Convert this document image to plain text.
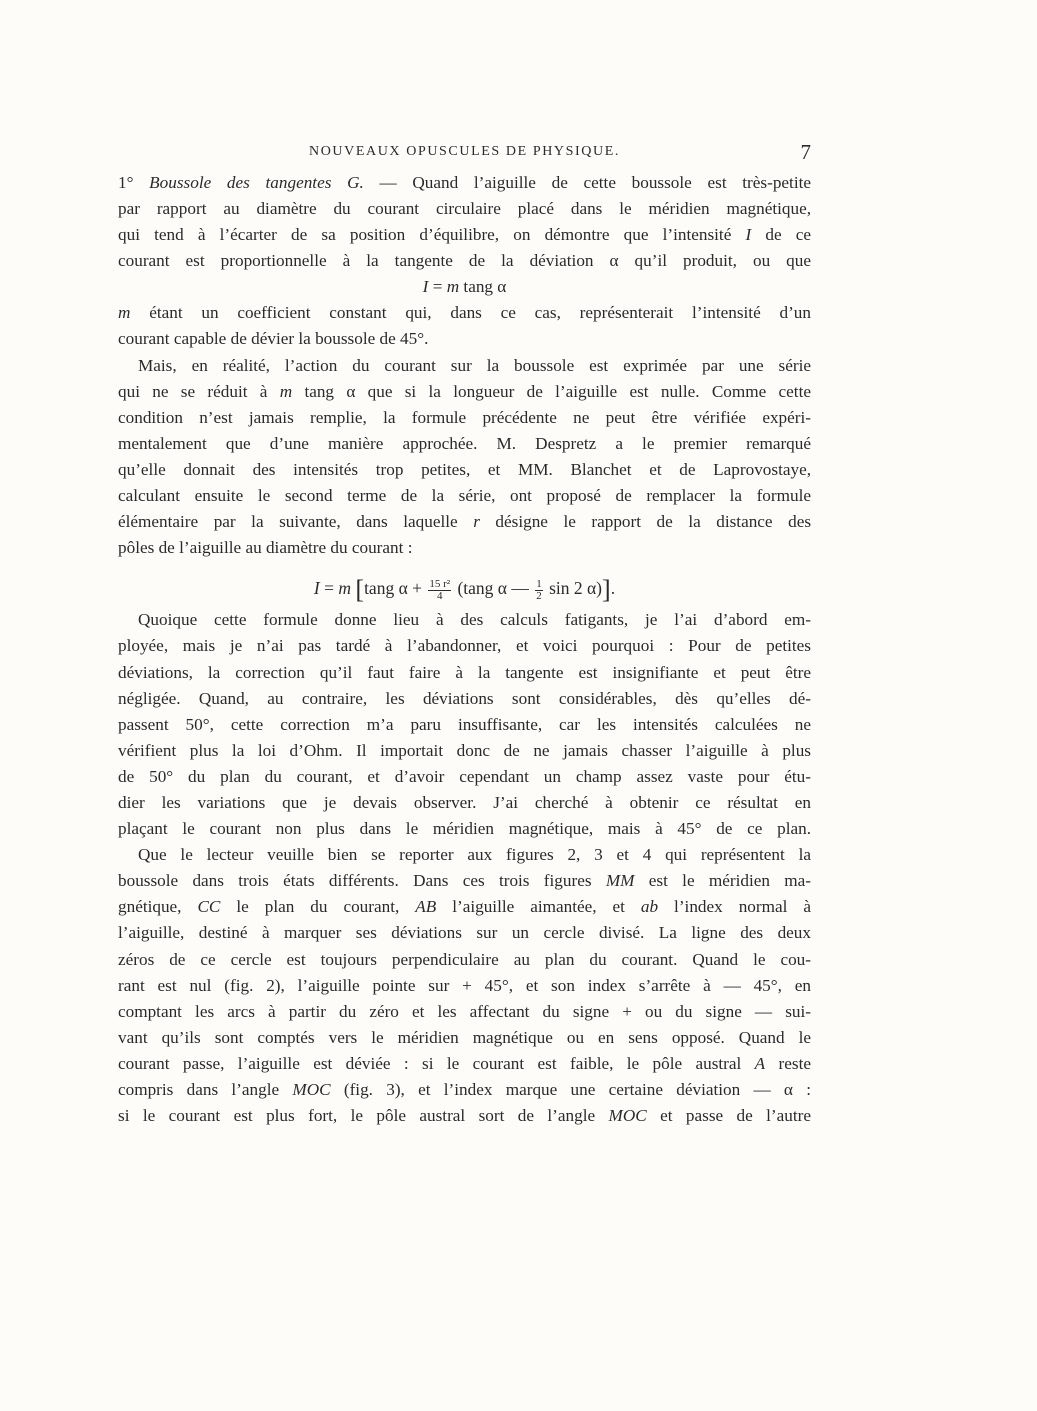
NOUVEAUX OPUSCULES DE PHYSIQUE.	7

1° Boussole des tangentes G. — Quand l’aiguille de cette boussole est très-petite

par rapport au diamètre du courant circulaire placé dans le méridien magnétique,

qui tend à l’écarter de sa position d’équilibre, on démontre que l’intensité I de ce

courant est proportionnelle à la tangente de la déviation α qu’il produit, ou que

I = m tang α

m étant un coefficient constant qui, dans ce cas, représenterait l’intensité d’un

courant capable de dévier la boussole de 45°.

Mais, en réalité, l’action du courant sur la boussole est exprimée par une série

qui ne se réduit à m tang α que si la longueur de l’aiguille est nulle. Comme cette

condition n’est jamais remplie, la formule précédente ne peut être vérifiée expéri-

mentalement que d’une manière approchée. M. Despretz a le premier remarqué

qu’elle donnait des intensités trop petites, et MM. Blanchet et de Laprovostaye,

calculant ensuite le second terme de la série, ont proposé de remplacer la formule

élémentaire par la suivante, dans laquelle r désigne le rapport de la distance des

pôles de l’aiguille au diamètre du courant :

I = m [tang $\alpha + \frac{\text{15 r²}}{4} (\tan g$ α — $\frac{1}{2}$ sin 2 α)].

Quoique cette formule donne lieu à des calculs fatigants, je l’ai d’abord em-

ployée, mais je n’ai pas tardé à l’abandonner, et voici pourquoi : Pour de petites

déviations, la correction qu’il faut faire à la tangente est insignifiante et peut être

négligée. Quand, au contraire, les déviations sont considérables, dès qu’elles dé-

passent 50°, cette correction m’a paru insuffisante, car les intensités calculées ne

vérifient plus la loi d’Ohm. Il importait donc de ne jamais chasser l’aiguille à plus

de 50° du plan du courant, et d’avoir cependant un champ assez vaste pour étu-

dier les variations que je devais observer. J’ai cherché à obtenir ce résultat en

plaçant le courant non plus dans le méridien magnétique, mais à 45° de ce plan.

Que le lecteur veuille bien se reporter aux figures 2, 3 et 4 qui représentent la

boussole dans trois états différents. Dans ces trois figures MM est le méridien ma-

gnétique, CC le plan du courant, AB l’aiguille aimantée, et ab l’index normal à

l’aiguille, destiné à marquer ses déviations sur un cercle divisé. La ligne des deux

zéros de ce cercle est toujours perpendiculaire au plan du courant. Quand le cou-

rant est nul (fig. 2), l’aiguille pointe sur + 45°, et son index s’arrête à — 45°, en

comptant les arcs à partir du zéro et les affectant du signe + ou du signe — sui-

vant qu’ils sont comptés vers le méridien magnétique ou en sens opposé. Quand le

courant passe, l’aiguille est déviée : si le courant est faible, le pôle austral A reste

compris dans l’angle MOC (fig. 3), et l’index marque une certaine déviation — α :

si le courant est plus fort, le pôle austral sort de l’angle MOC et passe de l’autre
